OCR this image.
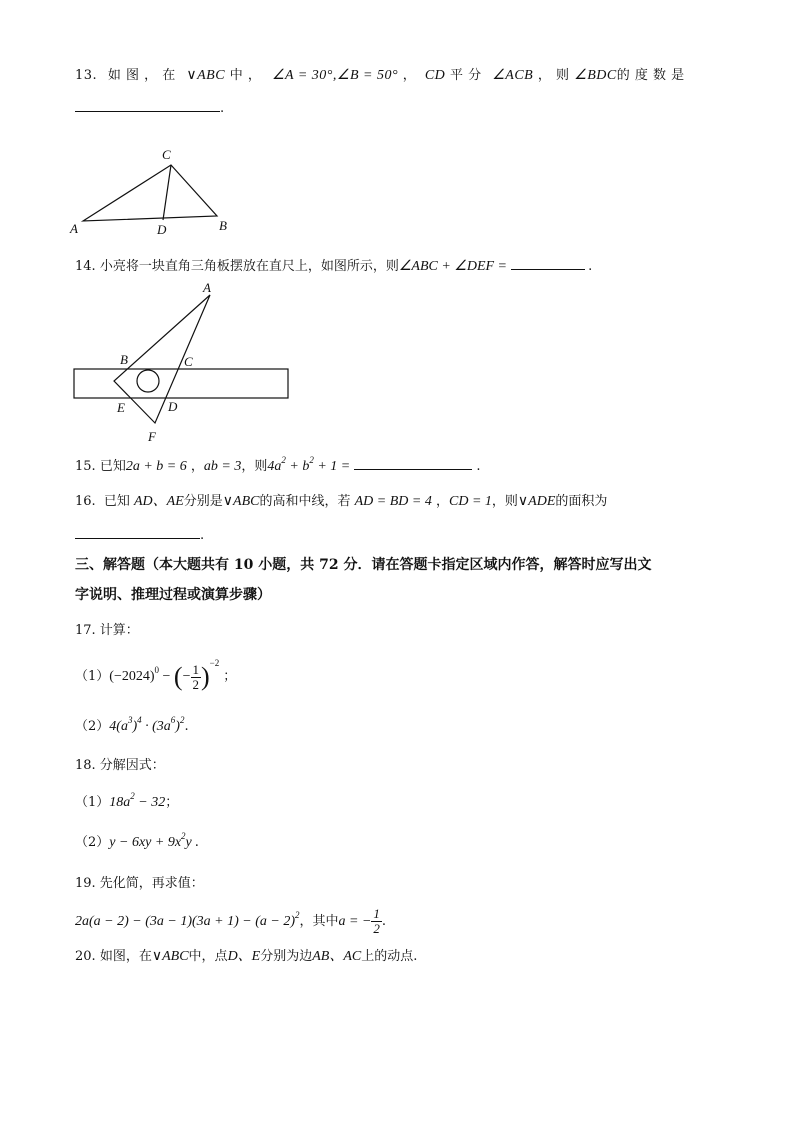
13. 如 图 ， 在 ∨ABC 中 ， ∠A = 30°,∠B = 50° ， CD 平 分 ∠ACB ， 则 ∠BDC的 度 数 是
.
C
A	D	B
14. 小亮将一块直角三角板摆放在直尺上，如图所示，则∠ABC + ∠DEF =	.
A
B	C
E	D
F
15. 已知2a + b = 6 ，ab = 3，则$4a^2 + b^2 + 1$ =	.
16. 已知 AD、AE分别是∨ABC的高和中线，若 AD = BD = 4 ，CD = 1，则∨ADE的面积为
.
三、解答题（本大题共有 10 小题，共 72 分．请在答题卡指定区域内作答，解答时应写出文
字说明、推理过程或演算步骤）
17. 计算：
$(1)(-2024)^0$ − (− $\frac{1}{2} )^{-2}$；
$(2)4(a^3)^4 \cdot (3a^6)^2$.
18. 分解因式：
$(1)18a^2 - 32$；
$(2)y - 6xy + 9x^2y$ .
19. 先化简，再求值：
$2a(a - 2) - (3a - 1)(3a + 1) - (a - 2)^2$，其中a = − $\frac{1}{2}$ .
20. 如图，在∨ABC中，点D、E分别为边AB、AC上的动点.
